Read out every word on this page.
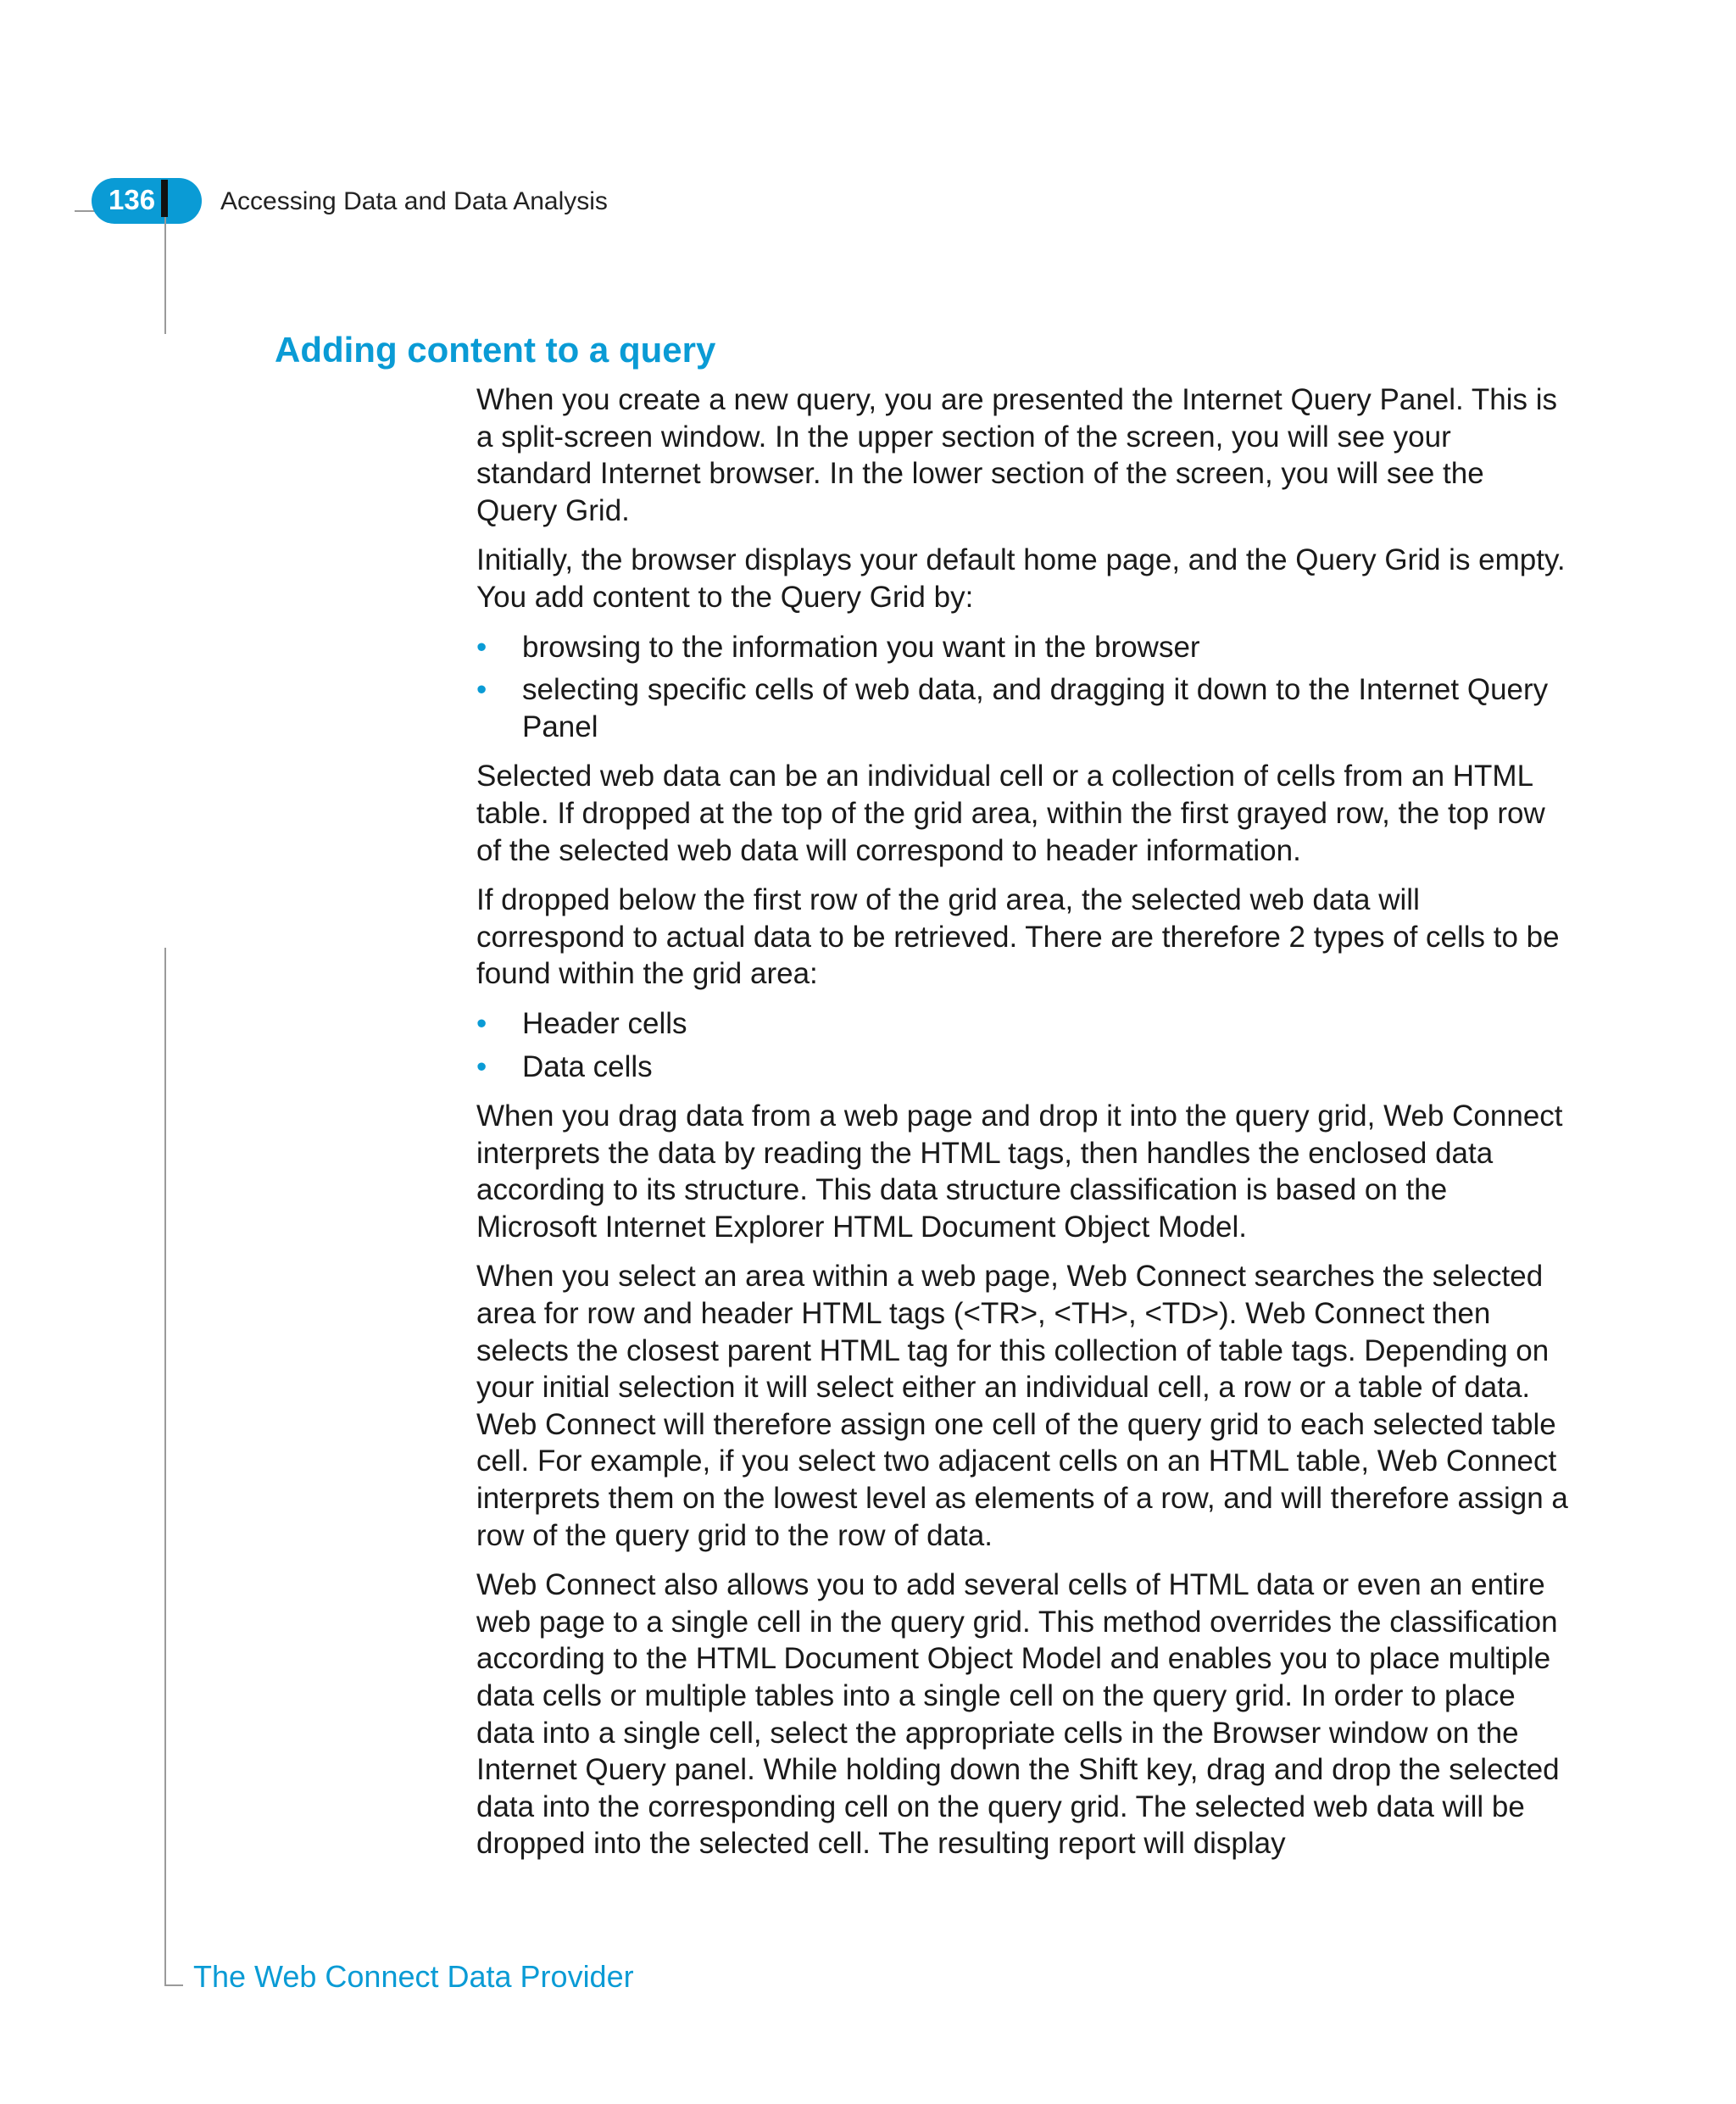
136	Accessing Data and Data Analysis
Adding content to a query

When you create a new query, you are presented the Internet Query Panel. This is a split-screen window. In the upper section of the screen, you will see your standard Internet browser. In the lower section of the screen, you will see the Query Grid.

Initially, the browser displays your default home page, and the Query Grid is empty. You add content to the Query Grid by:

• browsing to the information you want in the browser
• selecting specific cells of web data, and dragging it down to the Internet Query Panel

Selected web data can be an individual cell or a collection of cells from an HTML table. If dropped at the top of the grid area, within the first grayed row, the top row of the selected web data will correspond to header information.

If dropped below the first row of the grid area, the selected web data will correspond to actual data to be retrieved. There are therefore 2 types of cells to be found within the grid area:

• Header cells
• Data cells

When you drag data from a web page and drop it into the query grid, Web Connect interprets the data by reading the HTML tags, then handles the enclosed data according to its structure. This data structure classification is based on the Microsoft Internet Explorer HTML Document Object Model.

When you select an area within a web page, Web Connect searches the selected area for row and header HTML tags (<TR>, <TH>, <TD>). Web Connect then selects the closest parent HTML tag for this collection of table tags. Depending on your initial selection it will select either an individual cell, a row or a table of data. Web Connect will therefore assign one cell of the query grid to each selected table cell. For example, if you select two adjacent cells on an HTML table, Web Connect interprets them on the lowest level as elements of a row, and will therefore assign a row of the query grid to the row of data.

Web Connect also allows you to add several cells of HTML data or even an entire web page to a single cell in the query grid. This method overrides the classification according to the HTML Document Object Model and enables you to place multiple data cells or multiple tables into a single cell on the query grid. In order to place data into a single cell, select the appropriate cells in the Browser window on the Internet Query panel. While holding down the Shift key, drag and drop the selected data into the corresponding cell on the query grid. The selected web data will be dropped into the selected cell. The resulting report will display

The Web Connect Data Provider
